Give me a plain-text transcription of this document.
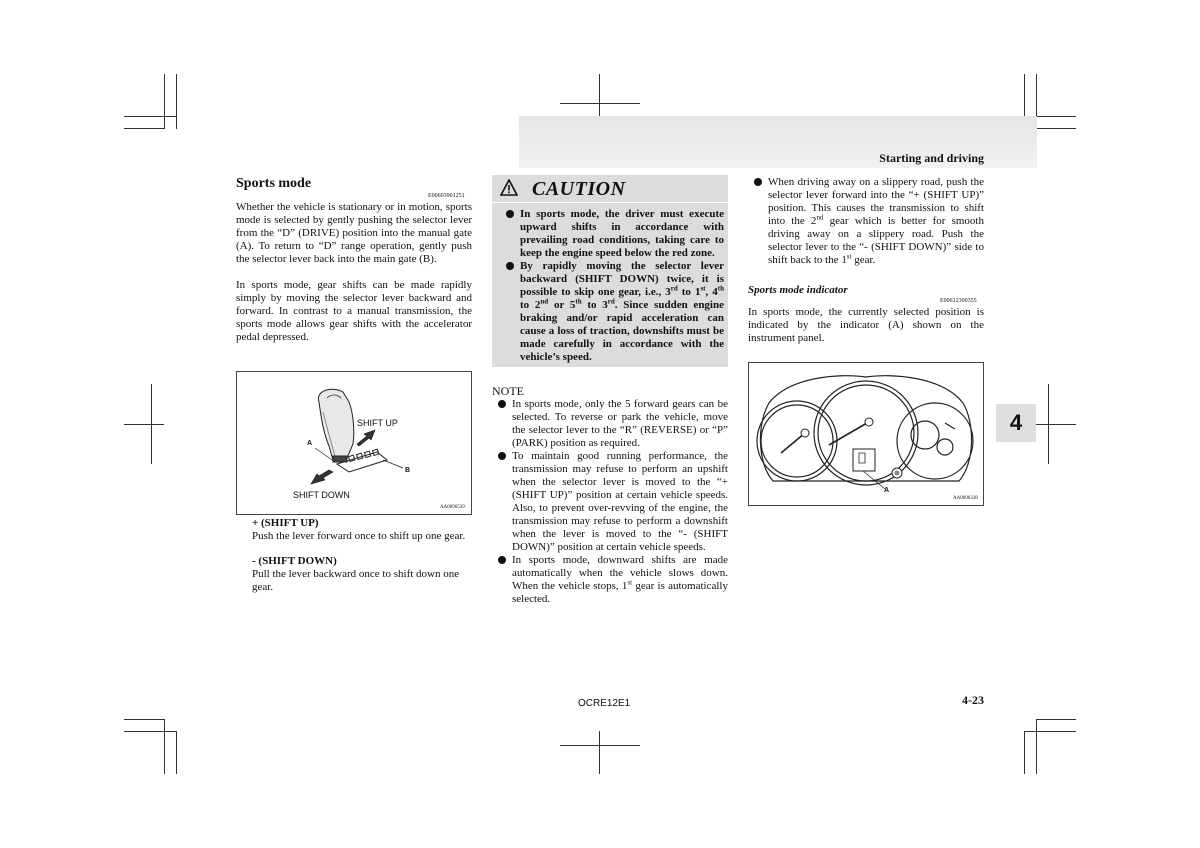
Starting and driving
Sports mode
E00603901251

Whether the vehicle is stationary or in motion, sports mode is selected by gently pushing the selector lever from the “D” (DRIVE) position into the manual gate (A). To return to “D” range operation, gently push the selector lever back into the main gate (B).

In sports mode, gear shifts can be made rapidly simply by moving the selector lever backward and forward. In contrast to a manual transmission, the sports mode allows gear shifts with the accelerator pedal depressed.

SHIFT UP
SHIFT DOWN
A
B
AA0096539

+ (SHIFT UP)

Push the lever forward once to shift up one gear.

- (SHIFT DOWN)

Pull the lever backward once to shift down one gear.

CAUTION
In sports mode, the driver must execute upward shifts in accordance with prevailing road conditions, taking care to keep the engine speed below the red zone.
By rapidly moving the selector lever backward (SHIFT DOWN) twice, it is possible to skip one gear, i.e., 3rd to 1st, 4th to 2nd or 5th to 3rd. Since sudden engine braking and/or rapid acceleration can cause a loss of traction, downshifts must be made carefully in accordance with the vehicle’s speed.
NOTE
In sports mode, only the 5 forward gears can be selected. To reverse or park the vehicle, move the selector lever to the “R” (REVERSE) or “P” (PARK) position as required.
To maintain good running performance, the transmission may refuse to perform an upshift when the selector lever is moved to the “+ (SHIFT UP)” position at certain vehicle speeds. Also, to prevent over-revving of the engine, the transmission may refuse to perform a downshift when the lever is moved to the “- (SHIFT DOWN)” position at certain vehicle speeds.
In sports mode, downward shifts are made automatically when the vehicle slows down. When the vehicle stops, 1st gear is automatically selected.
When driving away on a slippery road, push the selector lever forward into the “+ (SHIFT UP)” position. This causes the transmission to shift into the 2nd gear which is better for smooth driving away on a slippery road. Push the selector lever to the “- (SHIFT DOWN)” side to shift back to the 1st gear.

Sports mode indicator

E00612300355

In sports mode, the currently selected position is indicated by the indicator (A) shown on the instrument panel.

A
AA0096328
4
OCRE12E1	4-23
